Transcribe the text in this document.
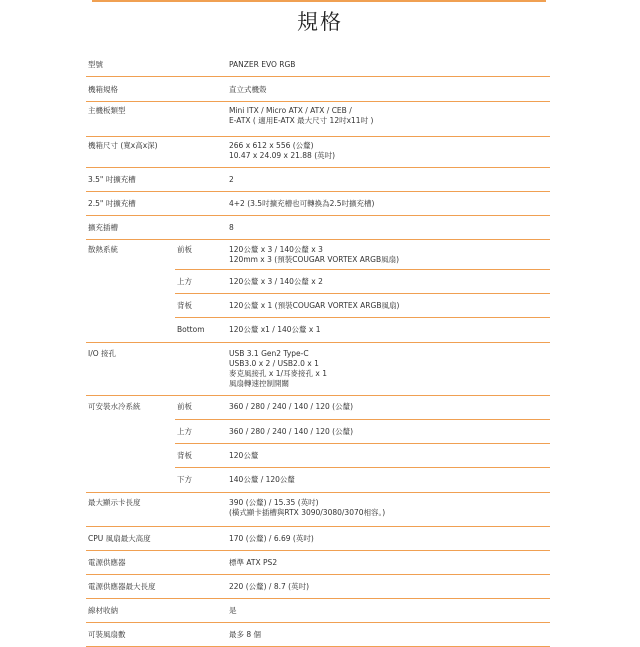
規格
型號	PANZER EVO RGB
機箱規格	直立式機殼
主機板類型	Mini ITX / Micro ATX / ATX / CEB /
E-ATX ( 適用E-ATX 最大尺寸 12吋x11吋 )
機箱尺寸 (寬x高x深)	266 x 612 x 556 (公釐)
10.47 x 24.09 x 21.88 (英吋)
3.5" 吋擴充槽	2
2.5" 吋擴充槽	4+2 (3.5吋擴充槽也可轉換為2.5吋擴充槽)
擴充插槽	8
散熱系統	前板	120公釐 x 3 / 140公釐 x 3
120mm x 3 (預裝COUGAR VORTEX ARGB風扇)
上方	120公釐 x 3 / 140公釐 x 2
背板	120公釐 x 1 (預裝COUGAR VORTEX ARGB風扇)
Bottom	120公釐 x1 / 140公釐 x 1
I/O 接孔	USB 3.1 Gen2 Type-C
USB3.0 x 2 / USB2.0 x 1
麥克風接孔 x 1/耳麥接孔 x 1
風扇轉速控制開關
可安裝水冷系統	前板	360 / 280 / 240 / 140 / 120 (公釐)
上方	360 / 280 / 240 / 140 / 120 (公釐)
背板	120公釐
下方	140公釐 / 120公釐
最大顯示卡長度	390 (公釐) / 15.35 (英吋)
(橫式顯卡插槽與RTX 3090/3080/3070相容。)
CPU 風扇最大高度	170 (公釐) / 6.69 (英吋)
電源供應器	標準 ATX PS2
電源供應器最大長度	220 (公釐) / 8.7 (英吋)
線材收納	是
可裝風扇數	最多 8 個
